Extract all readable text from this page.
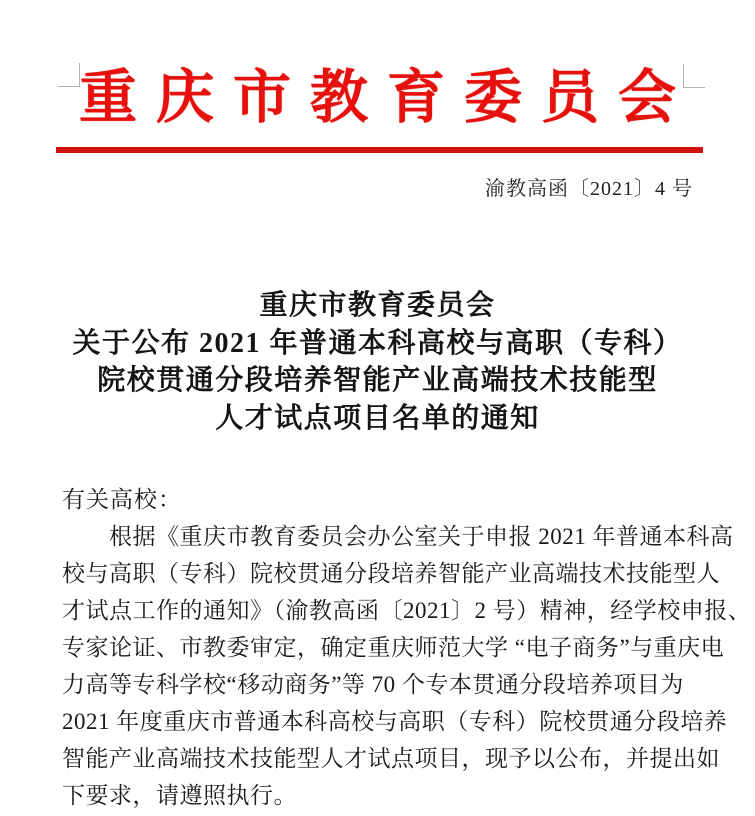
重庆市教育委员会
渝教高函〔2021〕4 号
重庆市教育委员会
关于公布 2021 年普通本科高校与高职（专科）
院校贯通分段培养智能产业高端技术技能型
人才试点项目名单的通知
有关高校：
根据《重庆市教育委员会办公室关于申报 2021 年普通本科高
校与高职（专科）院校贯通分段培养智能产业高端技术技能型人
才试点工作的通知》（渝教高函〔2021〕2 号）精神，经学校申报、
专家论证、市教委审定，确定重庆师范大学 “电子商务”与重庆电
力高等专科学校“移动商务”等 70 个专本贯通分段培养项目为
2021 年度重庆市普通本科高校与高职（专科）院校贯通分段培养
智能产业高端技术技能型人才试点项目，现予以公布，并提出如
下要求，请遵照执行。
